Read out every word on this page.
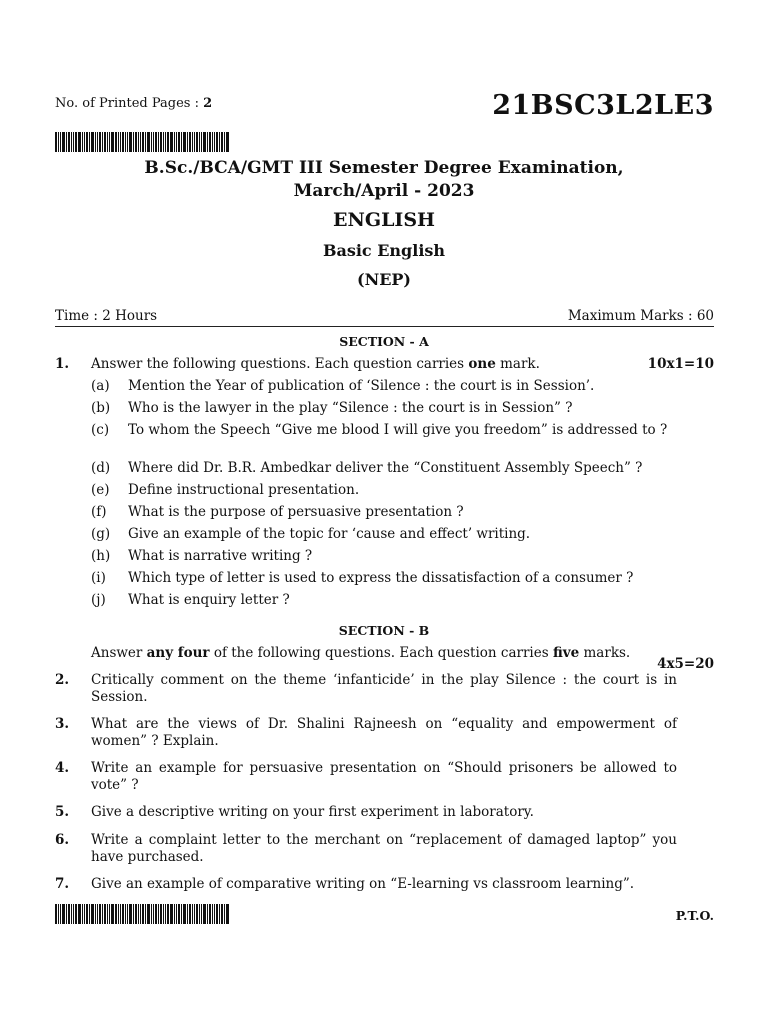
No. of Printed Pages : 2	21BSC3L2LE3
B.Sc./BCA/GMT III Semester Degree Examination,
March/April - 2023
ENGLISH
Basic English
(NEP)
Time : 2 Hours	Maximum Marks : 60
SECTION - A
1. Answer the following questions. Each question carries one mark.	10x1=10
(a) Mention the Year of publication of ‘Silence : the court is in Session’.
(b) Who is the lawyer in the play “Silence : the court is in Session” ?
(c) To whom the Speech “Give me blood I will give you freedom” is addressed to ?
(d) Where did Dr. B.R. Ambedkar deliver the “Constituent Assembly Speech” ?
(e) Define instructional presentation.
(f) What is the purpose of persuasive presentation ?
(g) Give an example of the topic for ‘cause and effect’ writing.
(h) What is narrative writing ?
(i) Which type of letter is used to express the dissatisfaction of a consumer ?
(j) What is enquiry letter ?
SECTION - B
Answer any four of the following questions. Each question carries five marks.
4x5=20
2. Critically comment on the theme ‘infanticide’ in the play Silence : the court is in Session.
3. What are the views of Dr. Shalini Rajneesh on “equality and empowerment of women” ? Explain.
4. Write an example for persuasive presentation on “Should prisoners be allowed to vote” ?
5. Give a descriptive writing on your first experiment in laboratory.
6. Write a complaint letter to the merchant on “replacement of damaged laptop” you have purchased.
7. Give an example of comparative writing on “E-learning vs classroom learning”.
P.T.O.
